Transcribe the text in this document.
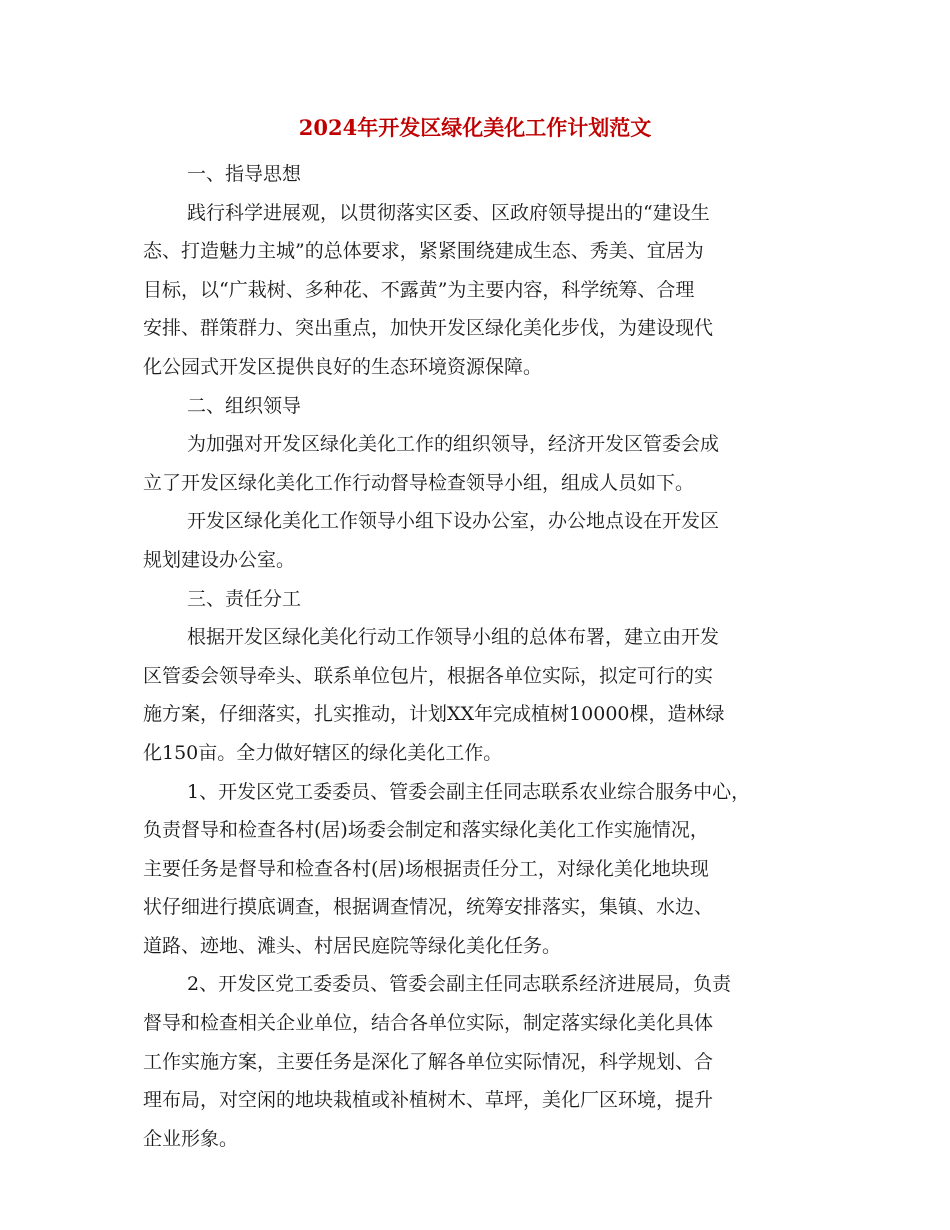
2024年开发区绿化美化工作计划范文
一、指导思想
践行科学进展观，以贯彻落实区委、区政府领导提出的“建设生
态、打造魅力主城”的总体要求，紧紧围绕建成生态、秀美、宜居为
目标，以“广栽树、多种花、不露黄”为主要内容，科学统筹、合理
安排、群策群力、突出重点，加快开发区绿化美化步伐，为建设现代
化公园式开发区提供良好的生态环境资源保障。
二、组织领导
为加强对开发区绿化美化工作的组织领导，经济开发区管委会成
立了开发区绿化美化工作行动督导检查领导小组，组成人员如下。
开发区绿化美化工作领导小组下设办公室，办公地点设在开发区
规划建设办公室。
三、责任分工
根据开发区绿化美化行动工作领导小组的总体布署，建立由开发
区管委会领导牵头、联系单位包片，根据各单位实际，拟定可行的实
施方案，仔细落实，扎实推动，计划XX年完成植树10000棵，造林绿
化150亩。全力做好辖区的绿化美化工作。
1、开发区党工委委员、管委会副主任同志联系农业综合服务中心，
负责督导和检查各村(居)场委会制定和落实绿化美化工作实施情况，
主要任务是督导和检查各村(居)场根据责任分工，对绿化美化地块现
状仔细进行摸底调查，根据调查情况，统筹安排落实，集镇、水边、
道路、迹地、滩头、村居民庭院等绿化美化任务。
2、开发区党工委委员、管委会副主任同志联系经济进展局，负责
督导和检查相关企业单位，结合各单位实际，制定落实绿化美化具体
工作实施方案，主要任务是深化了解各单位实际情况，科学规划、合
理布局，对空闲的地块栽植或补植树木、草坪，美化厂区环境，提升
企业形象。
